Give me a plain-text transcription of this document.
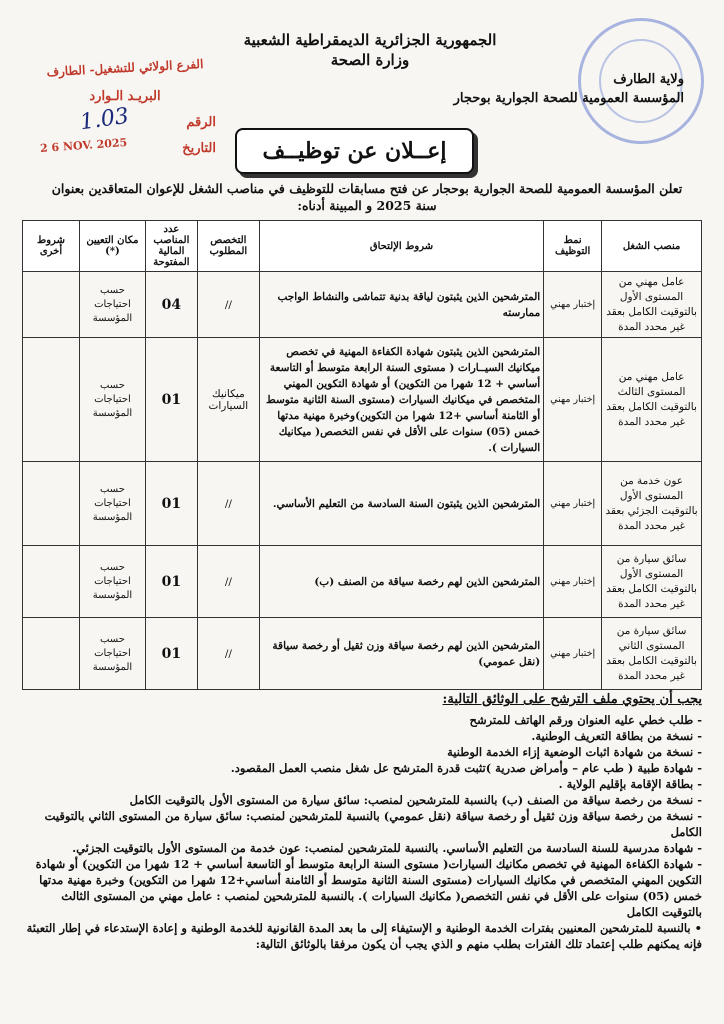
الجمهورية الجزائرية الديمقراطية الشعبية
وزارة الصحة
ولاية الطارف
المؤسسة العمومية للصحة الجوارية بوحجار
الفرع الولائي للتشغيل- الطارف
البريـد الـوارد
الرقم
التاريخ
1.03
2 6 NOV. 2025	إعــلان عن توظيــف
تعلن المؤسسة العمومية للصحة الجوارية بوحجار عن فتح مسابقات للتوظيف في مناصب الشغل للإعوان المتعاقدين بعنوان سنة 2025 و المبينة أدناه:
منصب الشغل	نمط التوظيف	شروط الإلتحاق	التخصص المطلوب	عدد المناصب المالية المفتوحة	مكان التعيين (*)	شروط أخرى
عامل مهني من المستوى الأول بالتوقيت الكامل بعقد غير محدد المدة	إختبار مهني	المترشحين الذين يثبتون لياقة بدنية تتماشى والنشاط الواجب ممارسته	//	04	حسب احتياجات المؤسسة	
عامل مهني من المستوى الثالث بالتوقيت الكامل بعقد غير محدد المدة	إختبار مهني	المترشحين الذين يثبتون شهادة الكفاءة المهنية في تخصص ميكانيك السيــارات ( مستوى السنة الرابعة متوسط أو التاسعة أساسي + 12 شهرا من التكوين) أو شهادة التكوين المهني المتخصص في ميكانيك السيارات (مستوى السنة الثانية متوسط أو الثامنة أساسي +12 شهرا من التكوين)وخبرة مهنية مدتها خمس (05) سنوات على الأقل في نفس التخصص( ميكانيك السيارات ).	ميكانيك السيارات	01	حسب احتياجات المؤسسة	
عون خدمة من المستوى الأول بالتوقيت الجزئي بعقد غير محدد المدة	إختبار مهني	المترشحين الذين يثبتون السنة السادسة من التعليم الأساسي.	//	01	حسب احتياجات المؤسسة	
سائق سيارة من المستوى الأول بالتوقيت الكامل بعقد غير محدد المدة	إختبار مهني	المترشحين الذين لهم رخصة سياقة من الصنف (ب)	//	01	حسب احتياجات المؤسسة	
سائق سيارة من المستوى الثاني بالتوقيت الكامل بعقد غير محدد المدة	إختبار مهني	المترشحين الذين لهم رخصة سياقة وزن ثقيل أو رخصة سياقة (نقل عمومي)	//	01	حسب احتياجات المؤسسة	
يجب أن يحتوي ملف الترشح على الوثائق التالية:
- طلب خطي عليه العنوان ورقم الهاتف للمترشح
- نسخة من بطاقة التعريف الوطنية.
- نسخة من شهادة اثبات الوضعية إزاء الخدمة الوطنية
- شهادة طبية ( طب عام – وأمراض صدرية )تثبت قدرة المترشح عل شغل منصب العمل المقصود.
- بطاقة الإقامة بإقليم الولاية .
- نسخة من رخصة سياقة من الصنف (ب) بالنسبة للمترشحين لمنصب: سائق سيارة من المستوى الأول بالتوقيت الكامل
- نسخة من رخصة سياقة وزن ثقيل أو رخصة سياقة (نقل عمومي) بالنسبة للمترشحين لمنصب: سائق سيارة من المستوى الثاني بالتوقيت الكامل
- شهادة مدرسية للسنة السادسة من التعليم الأساسي. بالنسبة للمترشحين لمنصب: عون خدمة من المستوى الأول بالتوقيت الجزئي.
- شهادة الكفاءة المهنية في تخصص مكانيك السيارات( مستوى السنة الرابعة متوسط أو التاسعة أساسي + 12 شهرا من التكوين) أو شهادة التكوين المهني المتخصص في مكانيك السيارات (مستوى السنة الثانية متوسط أو الثامنة أساسي+12 شهرا من التكوين) وخبرة مهنية مدتها خمس (05) سنوات على الأقل في نفس التخصص( مكانيك السيارات ). بالنسبة للمترشحين لمنصب : عامل مهني من المستوى الثالث بالتوقيت الكامل
• بالنسبة للمترشحين المعنيين بفترات الخدمة الوطنية و الإستيفاء إلى ما بعد المدة القانونية للخدمة الوطنية و إعادة الإستدعاء في إطار التعبئة فإنه يمكنهم طلب إعتماد تلك الفترات بطلب منهم و الذي يجب أن يكون مرفقا بالوثائق التالية:
